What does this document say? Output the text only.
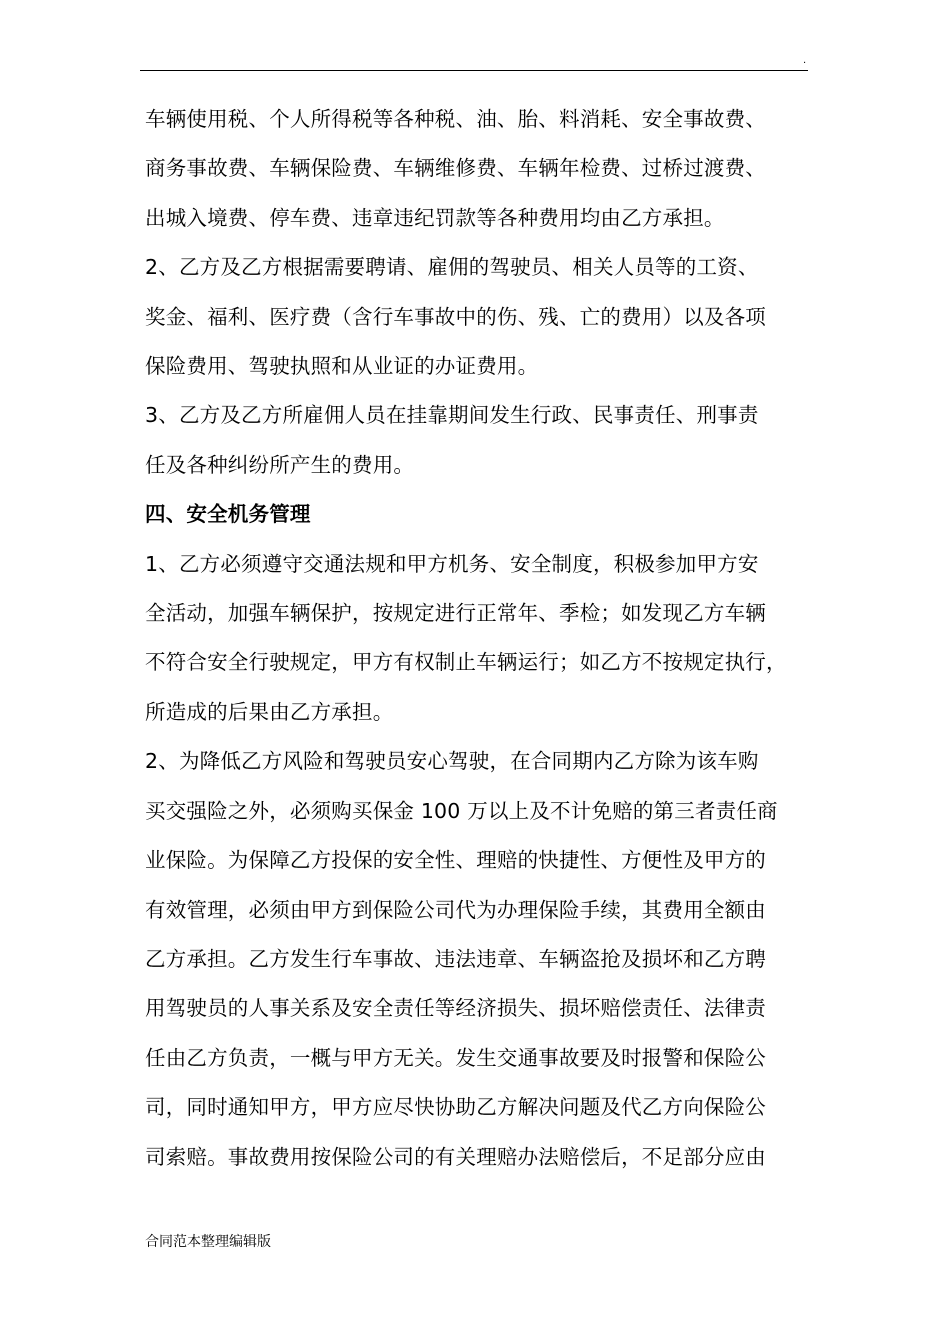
.

车辆使用税、个人所得税等各种税、油、胎、料消耗、安全事故费、

商务事故费、车辆保险费、车辆维修费、车辆年检费、过桥过渡费、

出城入境费、停车费、违章违纪罚款等各种费用均由乙方承担。

2、乙方及乙方根据需要聘请、雇佣的驾驶员、相关人员等的工资、

奖金、福利、医疗费（含行车事故中的伤、残、亡的费用）以及各项

保险费用、驾驶执照和从业证的办证费用。

3、乙方及乙方所雇佣人员在挂靠期间发生行政、民事责任、刑事责

任及各种纠纷所产生的费用。

四、安全机务管理

1、乙方必须遵守交通法规和甲方机务、安全制度，积极参加甲方安

全活动，加强车辆保护，按规定进行正常年、季检；如发现乙方车辆

不符合安全行驶规定，甲方有权制止车辆运行；如乙方不按规定执行，

所造成的后果由乙方承担。

2、为降低乙方风险和驾驶员安心驾驶，在合同期内乙方除为该车购

买交强险之外，必须购买保金 100 万以上及不计免赔的第三者责任商

业保险。为保障乙方投保的安全性、理赔的快捷性、方便性及甲方的

有效管理，必须由甲方到保险公司代为办理保险手续，其费用全额由

乙方承担。乙方发生行车事故、违法违章、车辆盗抢及损坏和乙方聘

用驾驶员的人事关系及安全责任等经济损失、损坏赔偿责任、法律责

任由乙方负责，一概与甲方无关。发生交通事故要及时报警和保险公

司，同时通知甲方，甲方应尽快协助乙方解决问题及代乙方向保险公

司索赔。事故费用按保险公司的有关理赔办法赔偿后，不足部分应由

合同范本整理编辑版
